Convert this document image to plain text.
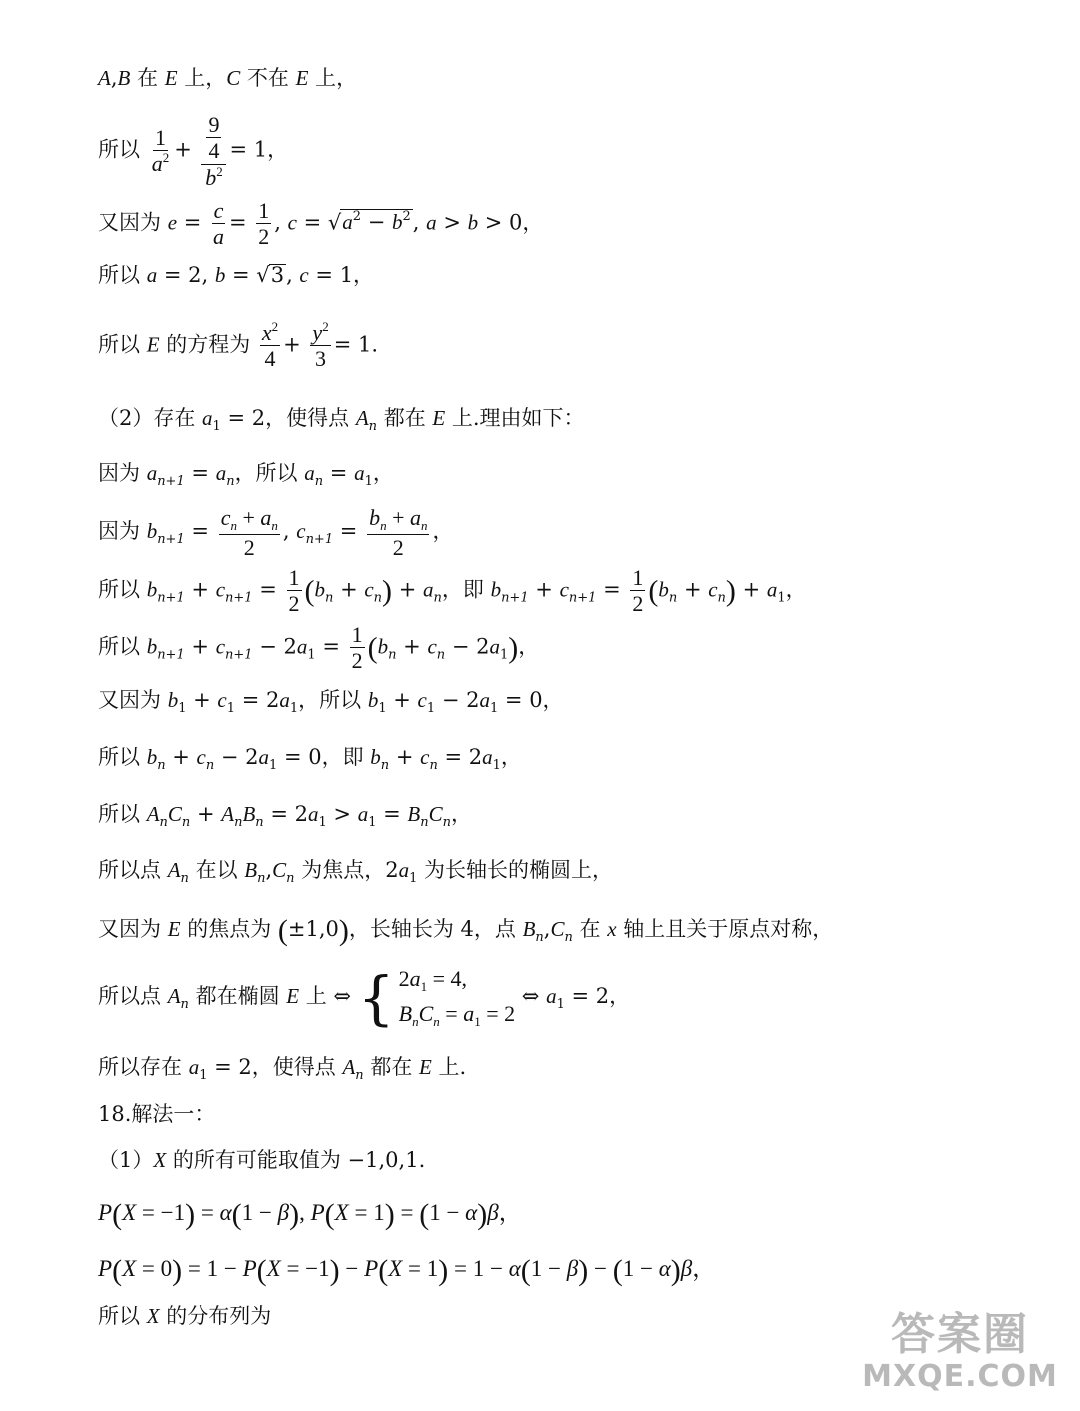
A,B 在 E 上，C 不在 E 上，
所以 $\frac{1}{a^2} + \frac{\frac{9}{4}}{b^2} = 1$，
又因为 $e = \frac{c}{a} = \frac{1}{2}$ , $c = √a^2 - b^2$, a > b > 0，
所以 a = 2, b = √3, c = 1，
所以 E 的方程为 $\frac{x^2}{4} + \frac{y^2}{3} = 1$.
（2）存在 $a_1 = 2$，使得点 $A_n$ 都在 E 上.理由如下：
因为 $a_{n+1} = a_n$，所以 $a_n = a_1$，
因为 $b_{n+1} = \frac{c_n + a_n}{2}$ , $c_{n+1} = \frac{b_n + a_n}{2}$ ，
所以 $b_{n+1} + c_{n+1} = \frac{1}{2} (b_n + c_n) + a_n$，即 $b_{n+1} + c_{n+1} = \frac{1}{2} (b_n + c_n) + a_1$，
所以 $b_{n+1} + c_{n+1} - 2a_1 = \frac{1}{2} (b_n + c_n - 2a_1)$，
又因为 $b_1 + c_1 = 2a_1$，所以 $b_1 + c_1 - 2a_1 = 0$，
所以 $b_n + c_n - 2a_1 = 0$，即 $b_n + c_n = 2a_1$，
所以 $A_nC_n + A_nB_n = 2a_1 > a_1 = B_nC_n$，
所以点 $A_n$ 在以 $B_n,C_n$ 为焦点，$2a_1$ 为长轴长的椭圆上，
又因为 E 的焦点为 (±1,0)，长轴长为 4，点 $B_n,C_n$ 在 x 轴上且关于原点对称，
所以点 $A_n$ 都在椭圆 E 上 ⇔ { $2a_1 = 4$,
$B_nC_n = a_1 = 2$
⇔ $a_1 = 2$，
所以存在 $a_1 = 2$，使得点 $A_n$ 都在 E 上.
18.解法一：
（1）X 的所有可能取值为 −1,0,1.
P(X = −1) = α(1 − β), P(X = 1) = (1 − α)β，
P(X = 0) = 1 − P(X = −1) − P(X = 1) = 1 − α(1 − β) − (1 − α)β，
所以 X 的分布列为	答案圈
MXQE.COM
